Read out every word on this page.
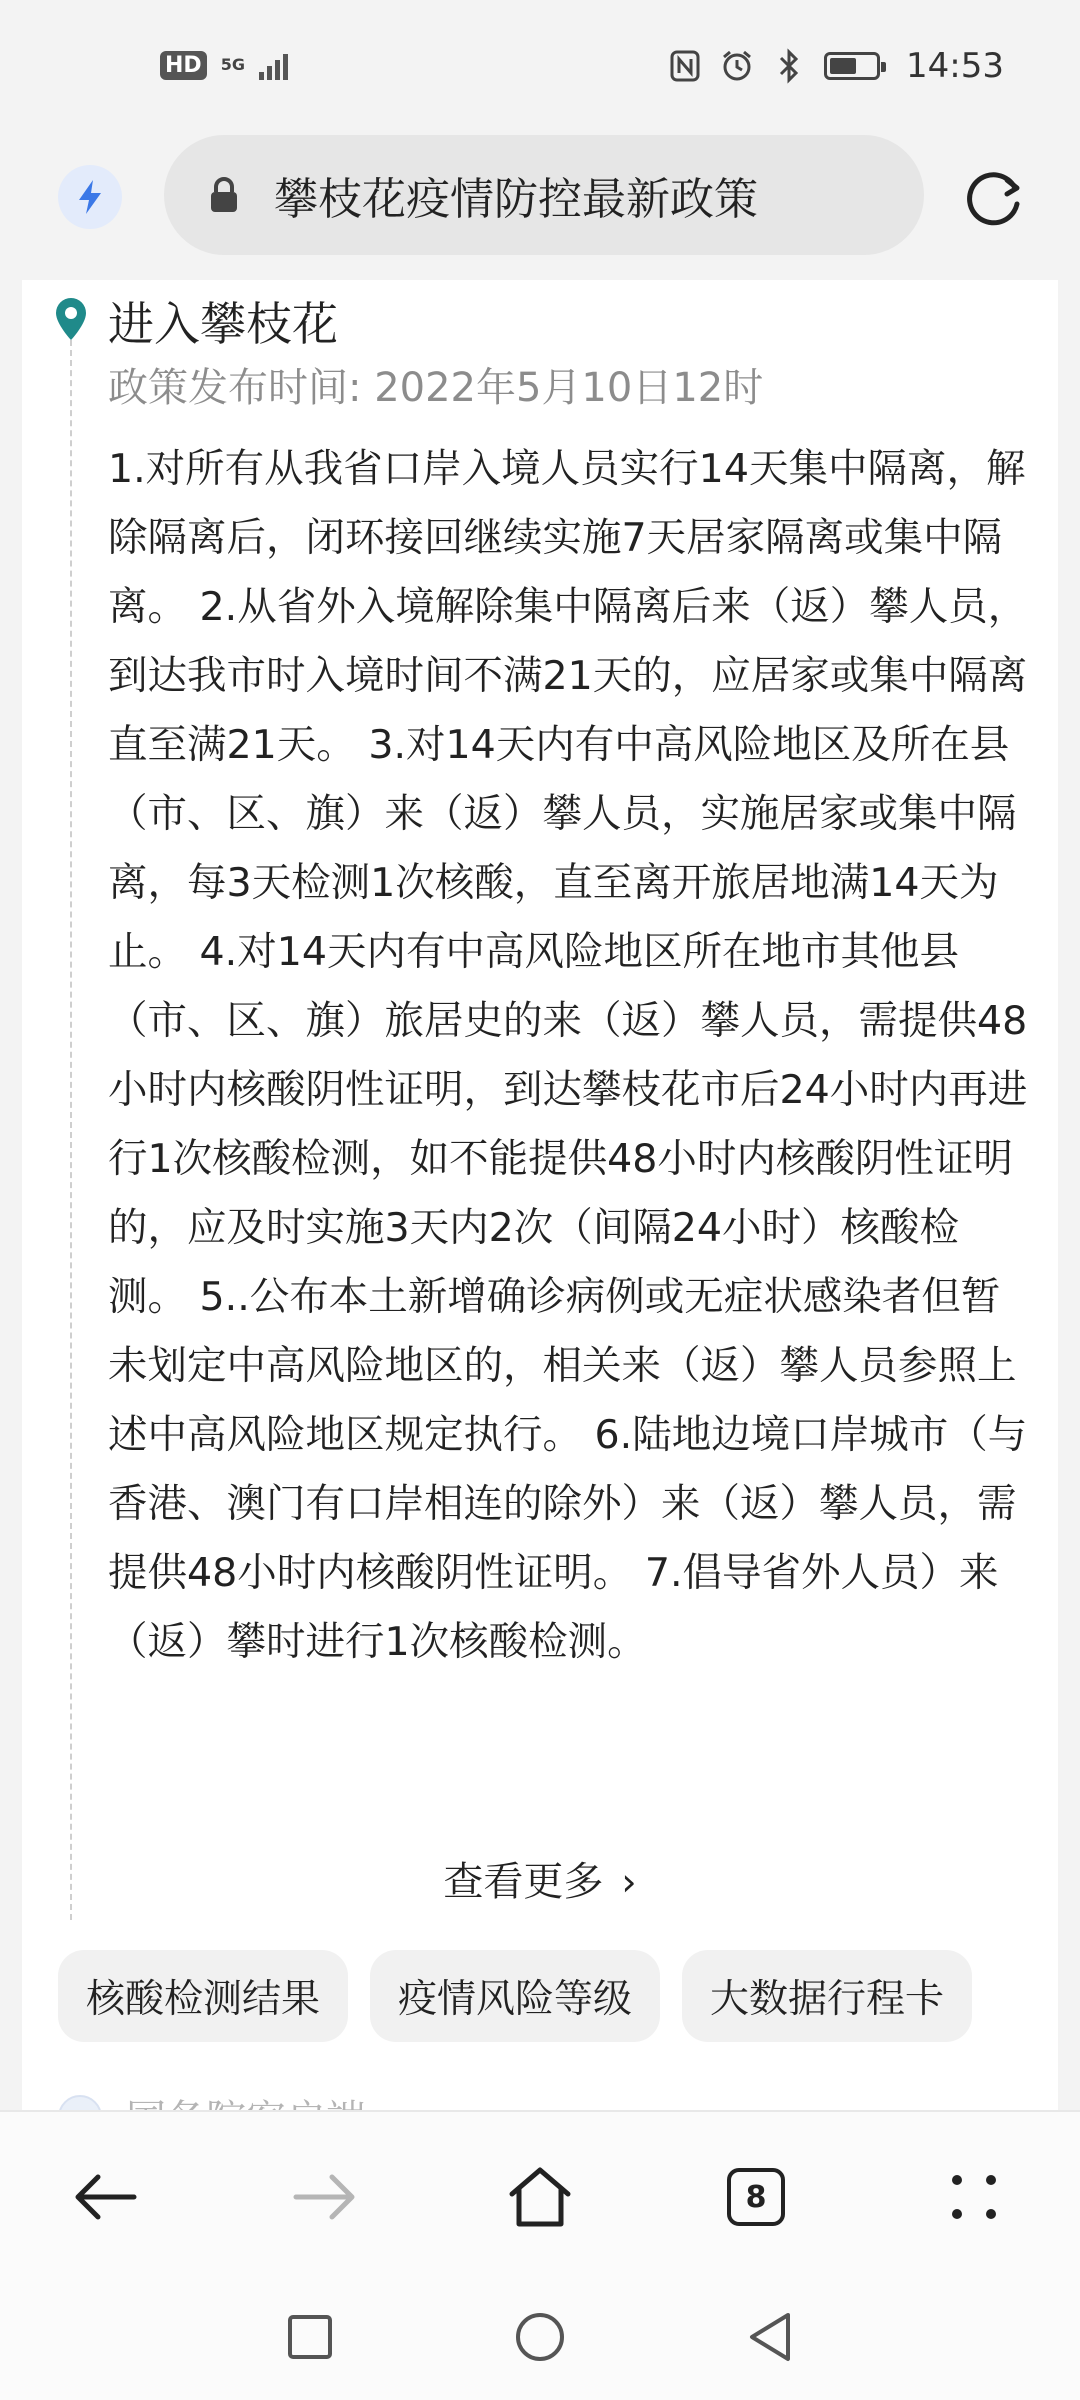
HD	5G	14:53
攀枝花疫情防控最新政策
进入攀枝花
政策发布时间: 2022年5月10日12时
1.对所有从我省口岸入境人员实行14天集中隔离，解除隔离后，闭环接回继续实施7天居家隔离或集中隔离。 2.从省外入境解除集中隔离后来（返）攀人员，到达我市时入境时间不满21天的，应居家或集中隔离直至满21天。 3.对14天内有中高风险地区及所在县（市、区、旗）来（返）攀人员，实施居家或集中隔离，每3天检测1次核酸，直至离开旅居地满14天为止。 4.对14天内有中高风险地区所在地市其他县（市、区、旗）旅居史的来（返）攀人员，需提供48小时内核酸阴性证明，到达攀枝花市后24小时内再进行1次核酸检测，如不能提供48小时内核酸阴性证明的，应及时实施3天内2次（间隔24小时）核酸检测。 5..公布本土新增确诊病例或无症状感染者但暂未划定中高风险地区的，相关来（返）攀人员参照上述中高风险地区规定执行。 6.陆地边境口岸城市（与香港、澳门有口岸相连的除外）来（返）攀人员，需提供48小时内核酸阴性证明。 7.倡导省外人员）来（返）攀时进行1次核酸检测。
查看更多 ›
核酸检测结果	疫情风险等级	大数据行程卡
8
